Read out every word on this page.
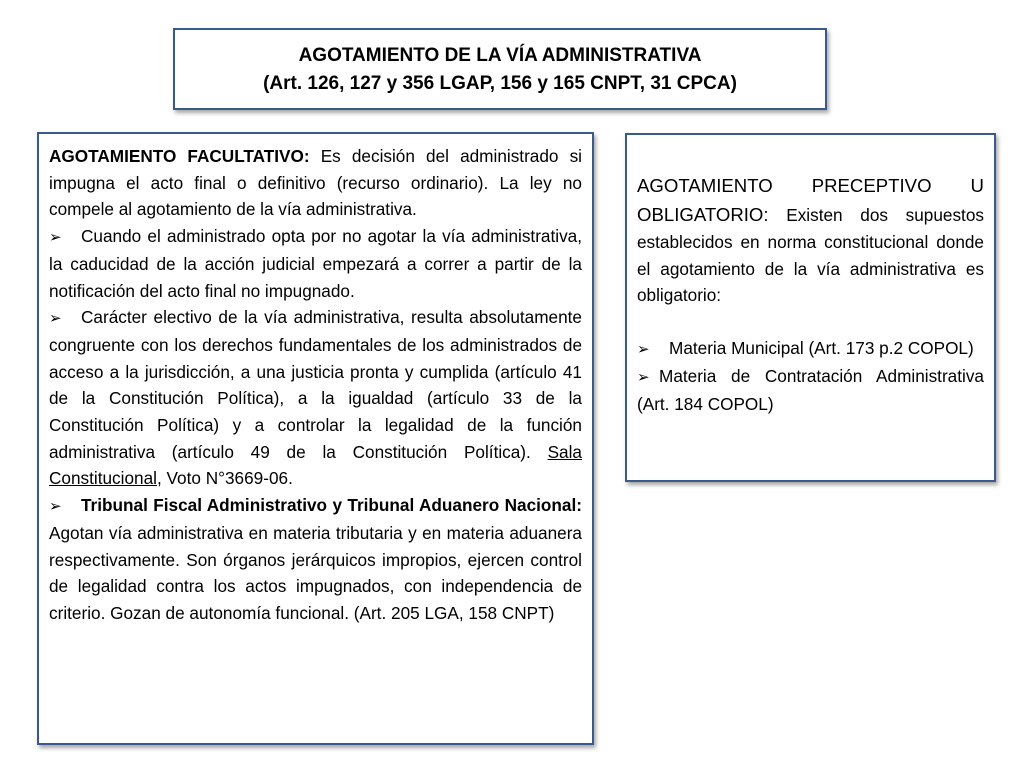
AGOTAMIENTO DE LA VÍA ADMINISTRATIVA
(Art. 126, 127 y 356 LGAP, 156 y 165 CNPT, 31 CPCA)

AGOTAMIENTO FACULTATIVO: Es decisión del administrado si impugna el acto final o definitivo (recurso ordinario). La ley no compele al agotamiento de la vía administrativa.

➢ Cuando el administrado opta por no agotar la vía administrativa, la caducidad de la acción judicial empezará a correr a partir de la notificación del acto final no impugnado.

➢ Carácter electivo de la vía administrativa, resulta absolutamente congruente con los derechos fundamentales de los administrados de acceso a la jurisdicción, a una justicia pronta y cumplida (artículo 41 de la Constitución Política), a la igualdad (artículo 33 de la Constitución Política) y a controlar la legalidad de la función administrativa (artículo 49 de la Constitución Política). Sala Constitucional, Voto N°3669-06.

➢ Tribunal Fiscal Administrativo y Tribunal Aduanero Nacional: Agotan vía administrativa en materia tributaria y en materia aduanera respectivamente. Son órganos jerárquicos impropios, ejercen control de legalidad contra los actos impugnados, con independencia de criterio. Gozan de autonomía funcional. (Art. 205 LGA, 158 CNPT)

AGOTAMIENTO PRECEPTIVO U OBLIGATORIO: Existen dos supuestos establecidos en norma constitucional donde el agotamiento de la vía administrativa es obligatorio:

➢ Materia Municipal (Art. 173 p.2 COPOL)

➢ Materia de Contratación Administrativa (Art. 184 COPOL)
